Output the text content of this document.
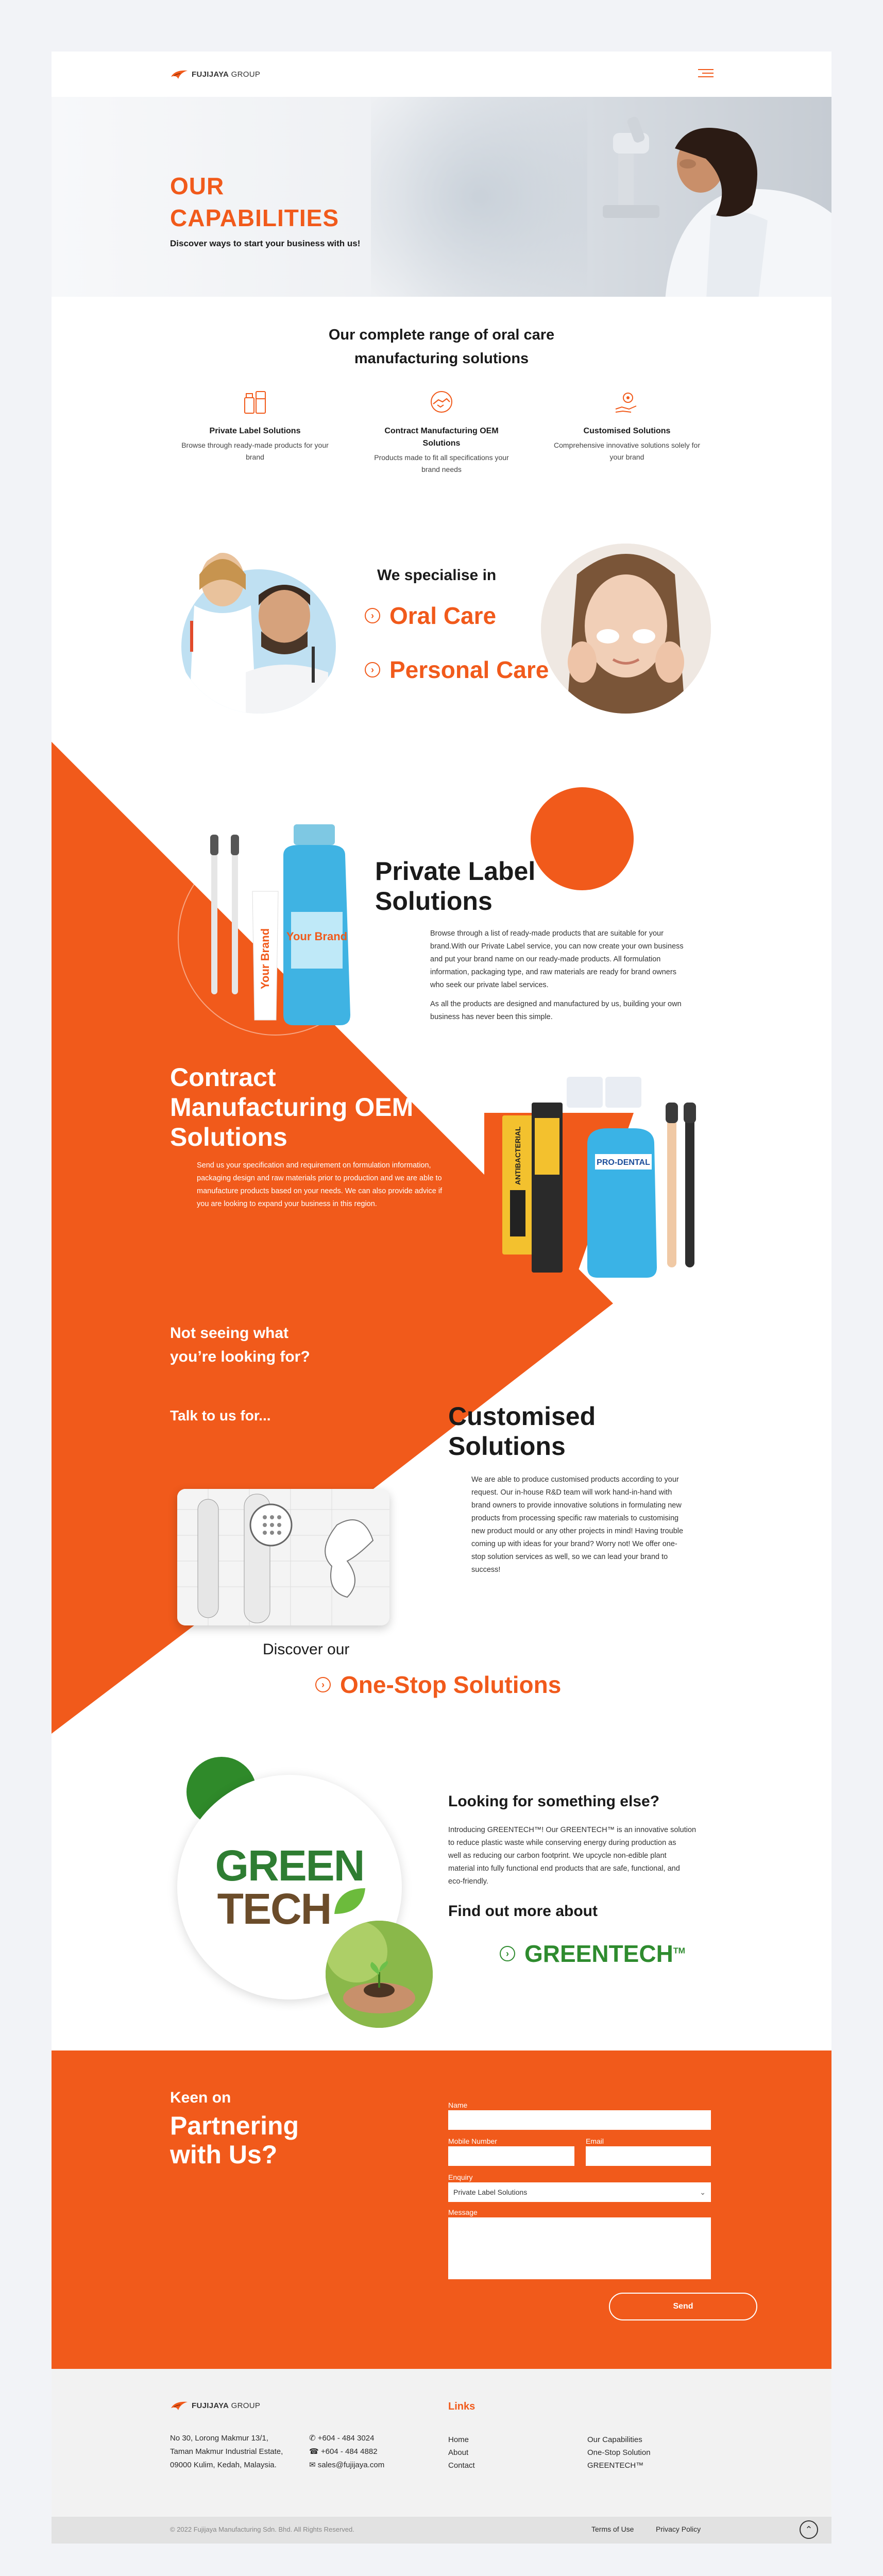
FUJIJAYA GROUP
OUR
CAPABILITIES
Discover ways to start your business with us!
Our complete range of oral care
manufacturing solutions
Private Label Solutions
Browse through ready-made products for your
brand
Contract Manufacturing OEM
Solutions
Products made to fit all specifications your
brand needs
Customised Solutions
Comprehensive innovative solutions solely for
your brand
We specialise in
› Oral Care
› Personal Care
Your Brand Your Brand
Private Label
Solutions
Browse through a list of ready-made products that are suitable for your
brand.With our Private Label service, you can now create your own business
and put your brand name on our ready-made products. All formulation
information, packaging type, and raw materials are ready for brand owners
who seek our private label services.
As all the products are designed and manufactured by us, building your own
business has never been this simple.
Contract
Manufacturing OEM
Solutions
Send us your specification and requirement on formulation information,
packaging design and raw materials prior to production and we are able to
manufacture products based on your needs. We can also provide advice if
you are looking to expand your business in this region.
ANTIBACTERIAL	PRO-DENTAL
Not seeing what
you’re looking for?
Talk to us for...	Customised
Solutions
We are able to produce customised products according to your
request. Our in-house R&D team will work hand-in-hand with
brand owners to provide innovative solutions in formulating new
products from processing specific raw materials to customising
new product mould or any other projects in mind! Having trouble
coming up with ideas for your brand? Worry not! We offer one-
stop solution services as well, so we can lead your brand to
success!
Discover our
› One-Stop Solutions
GREEN
TECH
Looking for something else?
Introducing GREENTECH™! Our GREENTECH™ is an innovative solution
to reduce plastic waste while conserving energy during production as
well as reducing our carbon footprint. We upcycle non-edible plant
material into fully functional end products that are safe, functional, and
eco-friendly.
Find out more about
› GREENTECH™
Keen on
Partnering
with Us?
Name
Mobile Number	Email
Enquiry
Private Label Solutions	⌄
Message
Send
FUJIJAYA GROUP
No 30, Lorong Makmur 13/1,
Taman Makmur Industrial Estate,
09000 Kulim, Kedah, Malaysia.
✆ +604 - 484 3024
☎ +604 - 484 4882
✉ sales@fujijaya.com
Links
Home
About
Contact
Our Capabilities
One-Stop Solution
GREENTECH™
© 2022 Fujijaya Manufacturing Sdn. Bhd. All Rights Reserved.	Terms of Use	Privacy Policy	⌃
